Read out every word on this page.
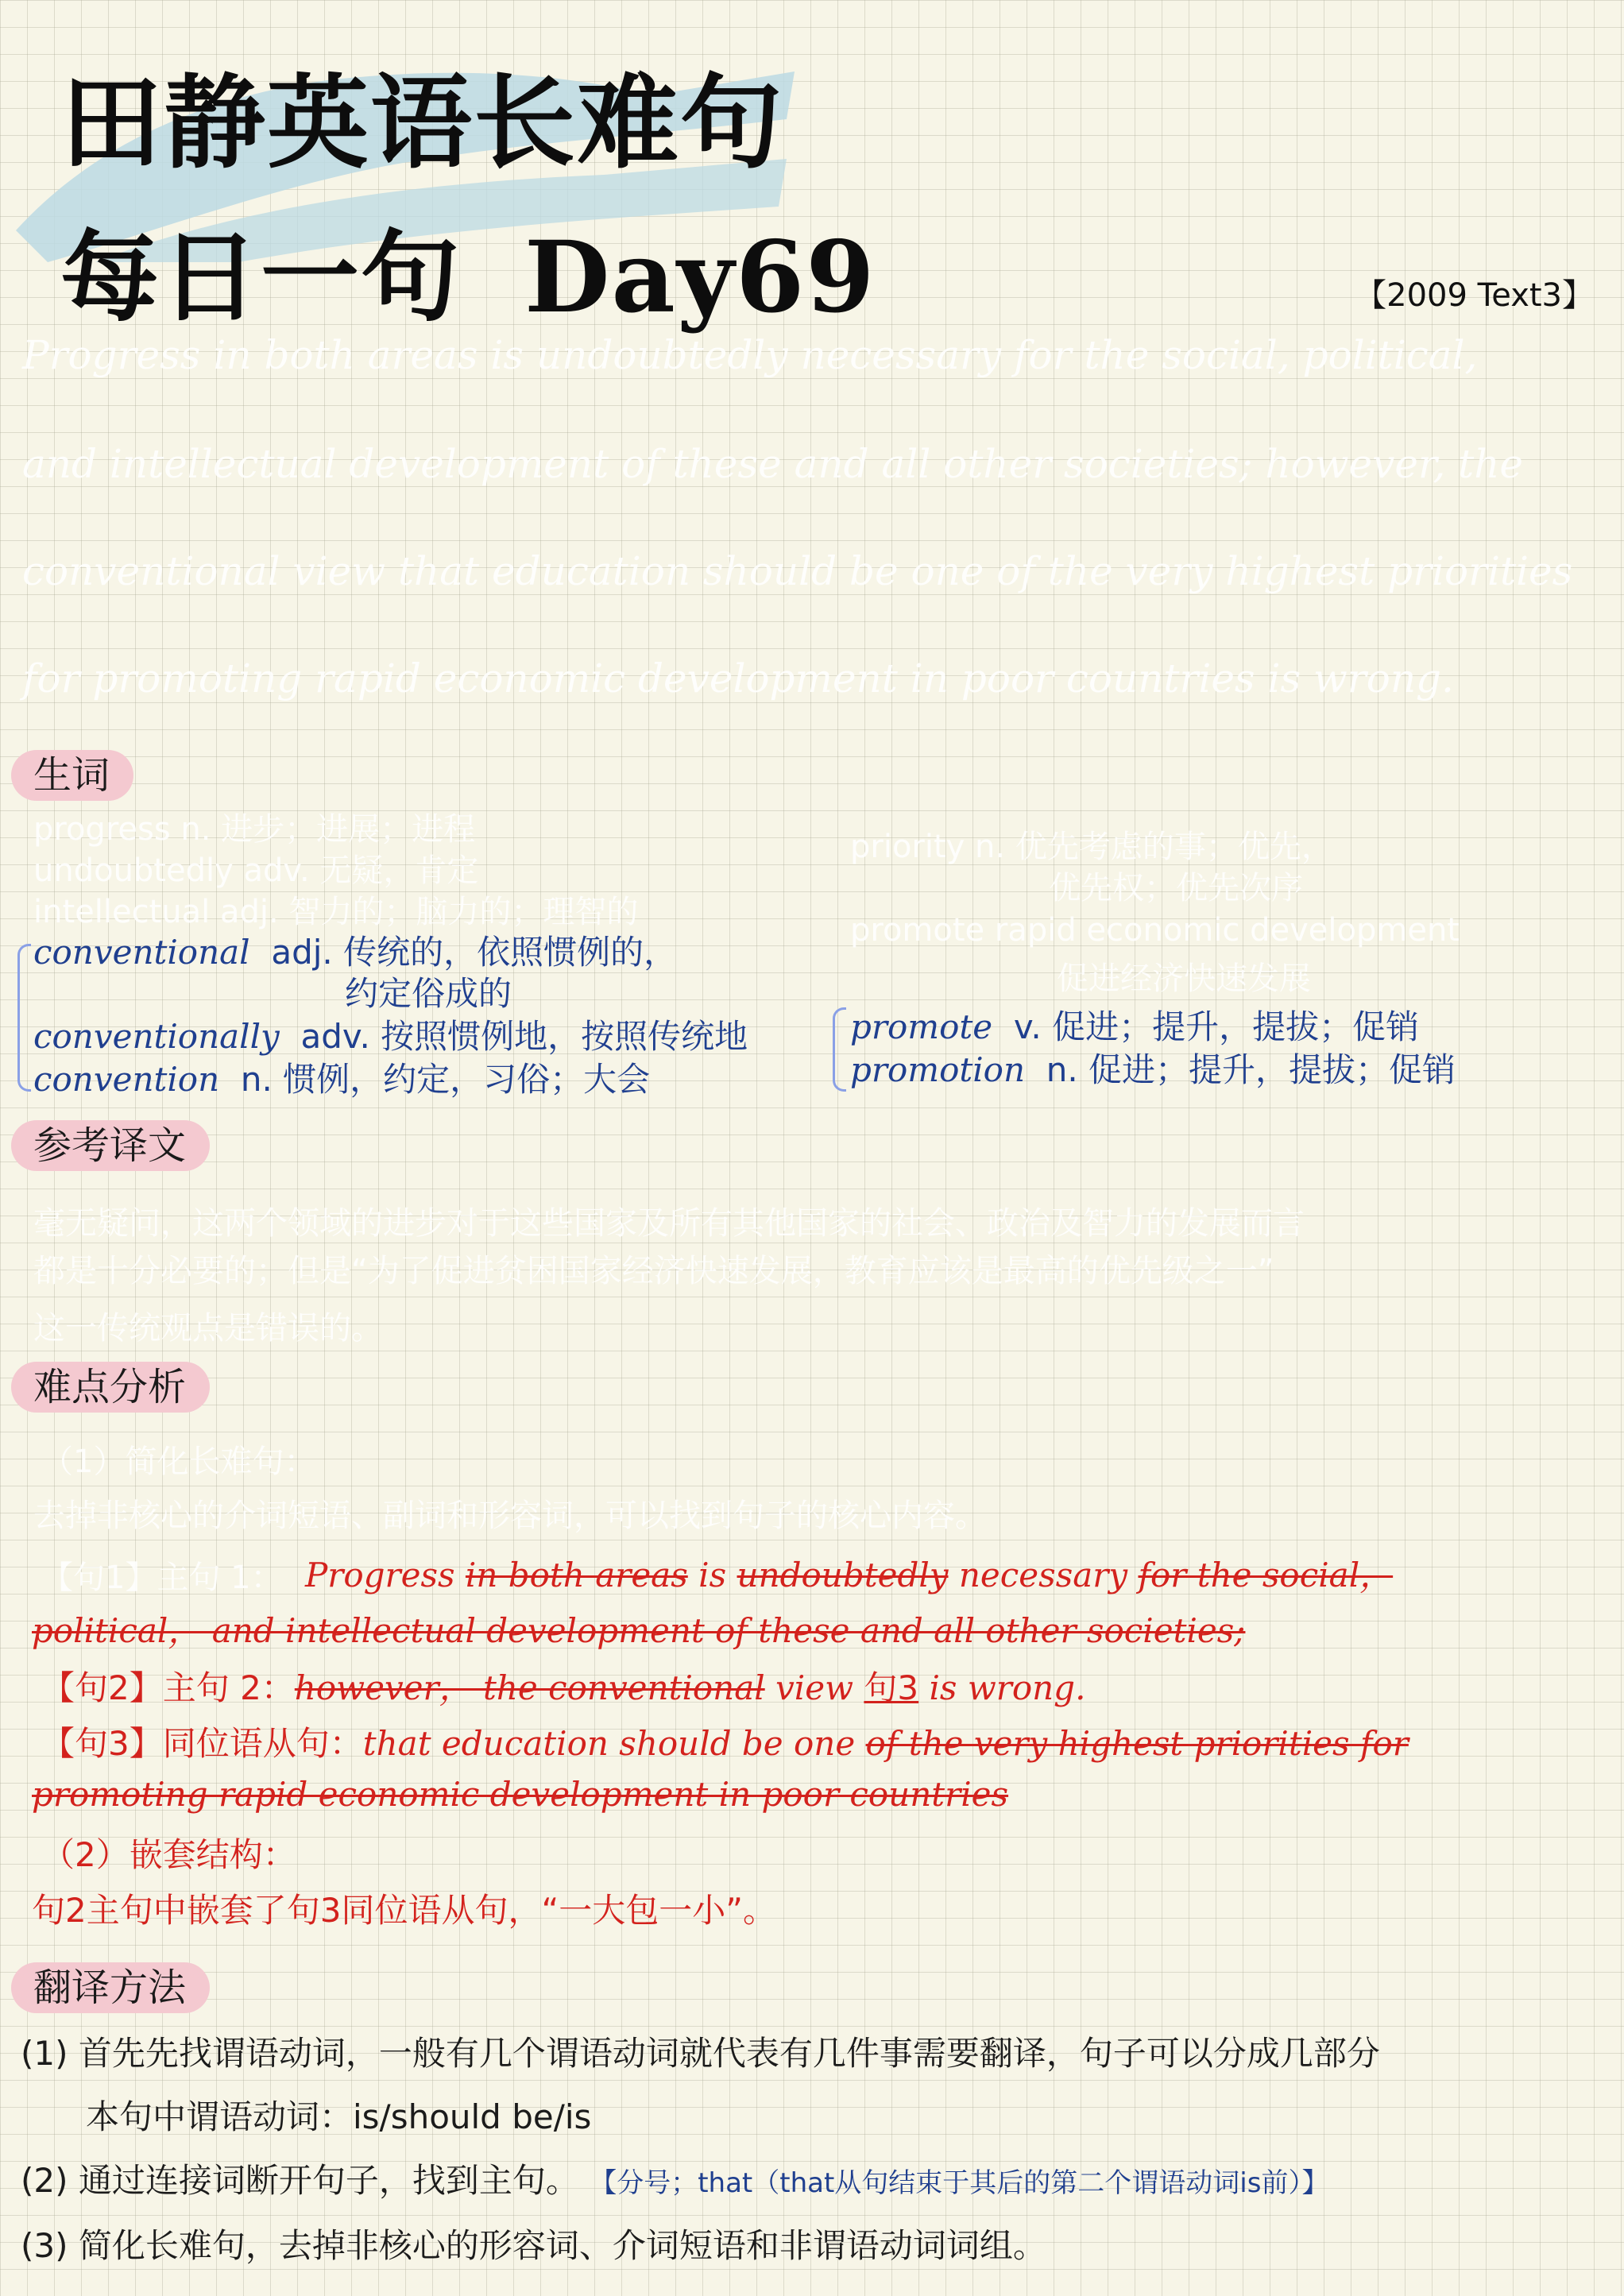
田静英语长难句
每日一句 Day69	【2009 Text3】
Progress in both areas is undoubtedly necessary for the social, political,
and intellectual development of these and all other societies; however, the
conventional view that education should be one of the very highest priorities
for promoting rapid economic development in poor countries is wrong.
生词
progress n. 进步；进展；进程
undoubtedly adv. 无疑，肯定
intellectual adj. 智力的；脑力的；理智的
priority n. 优先考虑的事；优先，
优先权；优先次序
promote rapid economic development
促进经济快速发展
conventional adj. 传统的，依照惯例的，
约定俗成的
conventionally adv. 按照惯例地，按照传统地
convention n. 惯例，约定，习俗；大会
promote v. 促进；提升，提拔；促销
promotion n. 促进；提升，提拔；促销
参考译文
毫无疑问，这两个领域的进步对于这些国家及所有其他国家的社会、政治及智力的发展而言
都是十分必要的；但是“为了促进贫困国家经济快速发展，教育应该是最高的优先级之一”
这一传统观点是错误的。
难点分析
（1）简化长难句：
去掉非核心的介词短语、副词和形容词，可以找到句子的核心内容。
【句1】主句 1： Progress in both areas is undoubtedly necessary for the social，
political， and intellectual development of these and all other societies;
【句2】主句 2：however， the conventional view 句3 is wrong.
【句3】同位语从句：that education should be one of the very highest priorities for
promoting rapid economic development in poor countries
（2）嵌套结构：
句2主句中嵌套了句3同位语从句，“一大包一小”。
翻译方法
(1) 首先先找谓语动词，一般有几个谓语动词就代表有几件事需要翻译，句子可以分成几部分
本句中谓语动词：is/should be/is
(2) 通过连接词断开句子，找到主句。 【分号；that（that从句结束于其后的第二个谓语动词is前）】
(3) 简化长难句，去掉非核心的形容词、介词短语和非谓语动词词组。
